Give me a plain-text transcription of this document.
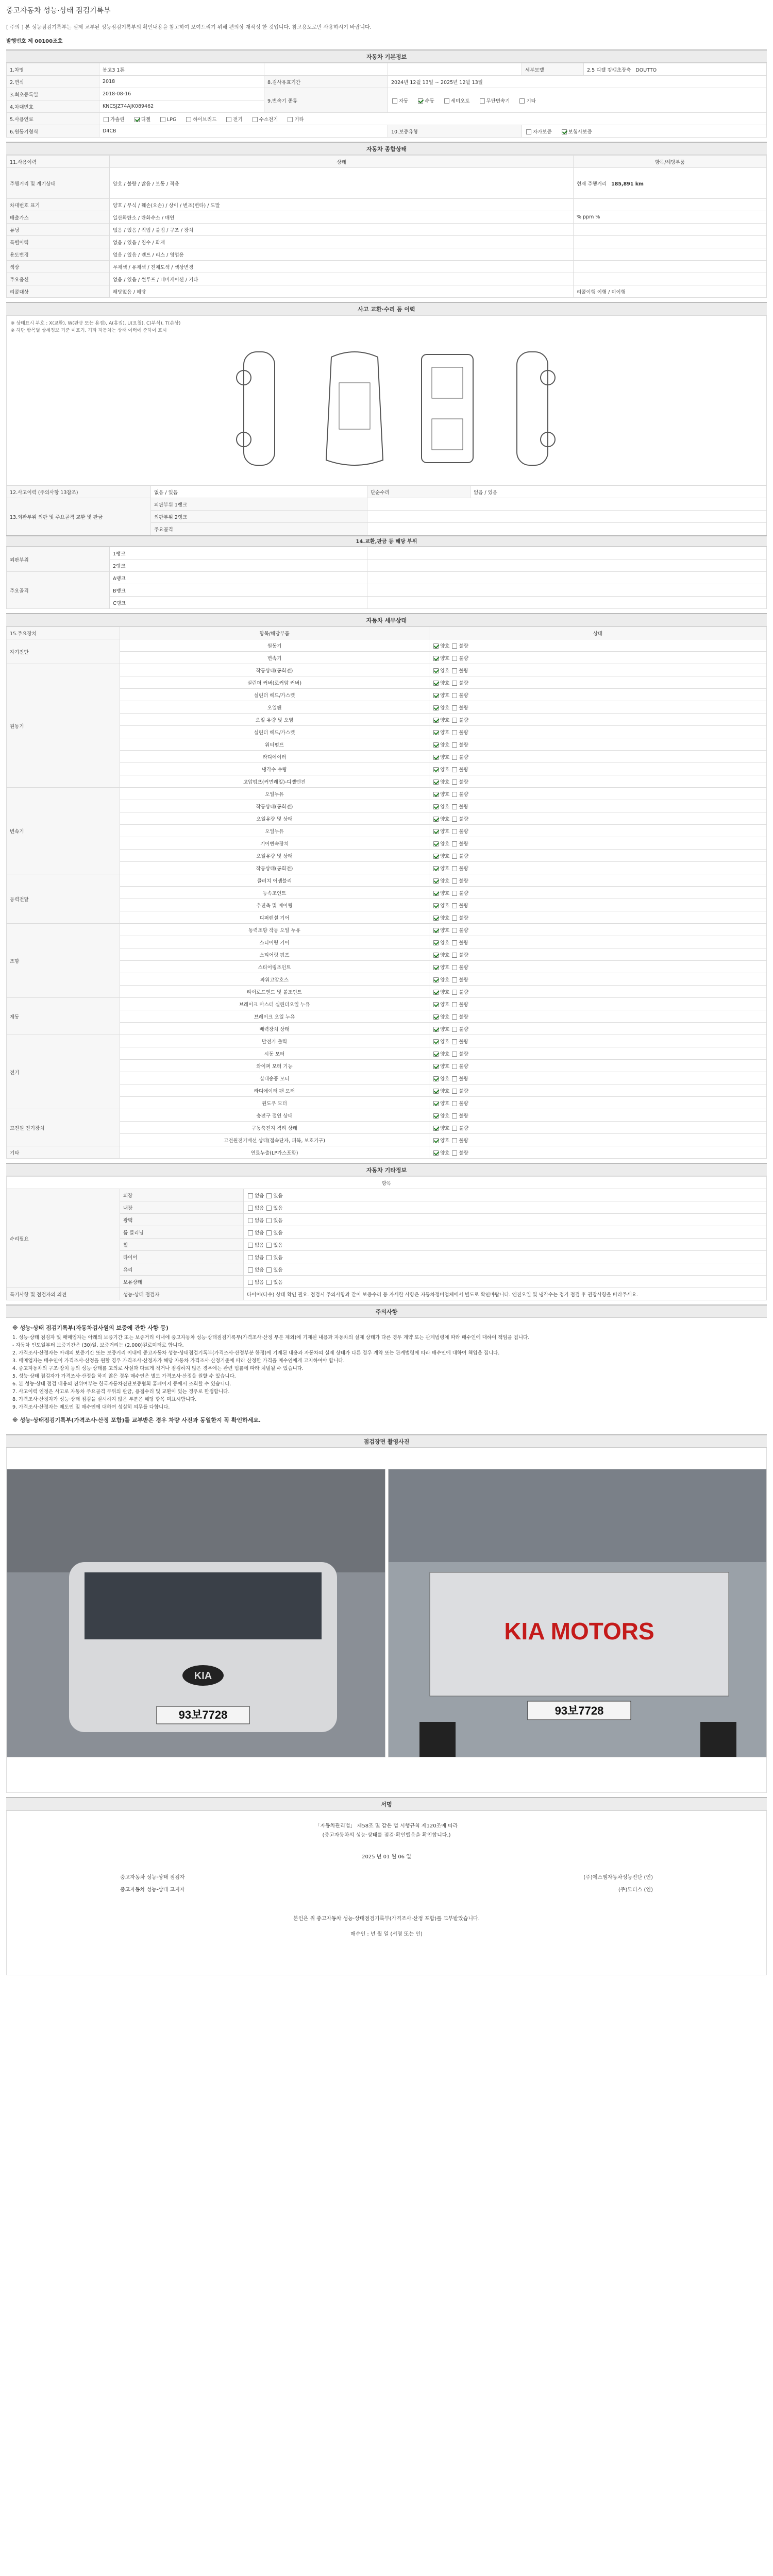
중고자동차 성능·상태 점검기록부
[ 주의 ] 본 성능점검기록부는 실제 교부된 성능점검기록부의 확인내용을 참고하여 보여드리기 위해 편의상 재작성 한 것입니다. 참고용도로만 사용하시기 바랍니다.
발행번호 제 00100조호
자동차 기본정보
1.차명	봉고3 1톤			세부모델	2.5 디젤 킹캡초장축 DOUTTO
2.연식	2018	8.검사유효기간	2024년 12월 13일 ~ 2025년 12월 13일		
3.최초등록일	2018-08-16	9.변속기 종류	자동 수동 세미오토 무단변속기 기타		
4.차대번호	KNCSJZ74AJK089462				
5.사용연료	가솔린 디젤 LPG 하이브리드 전기 수소전기 기타				
6.원동기형식	D4CB		10.보증유형	자가보증 보험사보증	
자동차 종합상태
11.사용이력	상태	항목/해당부품
주행거리 및 계기상태	양호 / 불량 / 많음 / 보통 / 적음	현재 주행거리 185,891 km
차대번호 표기	양호 / 부식 / 훼손(오손) / 상이 / 변조(변타) / 도말	
배출가스	일산화탄소 / 탄화수소 / 매연	% ppm %
튜닝	없음 / 있음 / 적법 / 불법 / 구조 / 장치	
특별이력	없음 / 있음 / 침수 / 화재	
용도변경	없음 / 있음 / 렌트 / 리스 / 영업용	
색상	무채색 / 유채색 / 전체도색 / 색상변경	
주요옵션	없음 / 있음 / 썬루프 / 네비게이션 / 기타	
리콜대상	해당없음 / 해당	리콜이행 이행 / 미이행
사고 교환·수리 등 이력
※ 상태표시 부호 : X(교환), W(판금 또는 용접), A(흠집), U(요철), C(부식), T(손상)
※ 하단 항목별 상세정보 기준 미표기. 기타 자동차는 상태 이력에 준하여 표시
12.사고이력 (주의사항 13참조)	없음 / 있음	단순수리	없음 / 있음
13.외판부위 외판 및 주요골격 교환 및 판금	외판부위 1랭크		
	외판부위 2랭크		
	주요골격		
14.교환,판금 등 해당 부위
외판부위	1랭크	
	2랭크	
주요골격	A랭크	
	B랭크	
	C랭크	
자동차 세부상태
15.주요장치	항목/해당부품	상태
자기진단	원동기	양호 불량
	변속기	양호 불량
원동기	작동상태(공회전)	양호 불량
	실린더 커버(로커암 커버)	양호 불량
	실린더 헤드/가스켓	양호 불량
	오일팬	양호 불량
	오일 유량 및 오염	양호 불량
	실린더 헤드/가스켓	양호 불량
	워터펌프	양호 불량
	라디에이터	양호 불량
	냉각수 수량	양호 불량
	고압펌프(커먼레일)-디젤엔진	양호 불량
변속기	오일누유	양호 불량
	작동상태(공회전)	양호 불량
	오일유량 및 상태	양호 불량
	오일누유	양호 불량
	기어변속장치	양호 불량
	오일유량 및 상태	양호 불량
	작동상태(공회전)	양호 불량
동력전달	클러치 어셈블리	양호 불량
	등속조인트	양호 불량
	추진축 및 베어링	양호 불량
	디퍼렌셜 기어	양호 불량
조향	동력조향 작동 오일 누유	양호 불량
	스티어링 기어	양호 불량
	스티어링 펌프	양호 불량
	스티어링조인트	양호 불량
	파워고압호스	양호 불량
	타이로드엔드 및 볼조인트	양호 불량
제동	브레이크 마스터 실린더오일 누유	양호 불량
	브레이크 오일 누유	양호 불량
	배력장치 상태	양호 불량
전기	발전기 출력	양호 불량
	시동 모터	양호 불량
	와이퍼 모터 기능	양호 불량
	실내송풍 모터	양호 불량
	라디에이터 팬 모터	양호 불량
	윈도우 모터	양호 불량
고전원 전기장치	충전구 절연 상태	양호 불량
	구동축전지 격리 상태	양호 불량
	고전원전기배선 상태(접속단자, 피복, 보호기구)	양호 불량
기타	연료누출(LP가스포함)	양호 불량
자동차 기타정보
항목		
수리필요	외장	없음 있음
	내장	없음 있음
	광택	없음 있음
	룸 클리닝	없음 있음
	휠	없음 있음
	타이어	없음 있음
	유리	없음 있음
	보유상태	없음 있음
특기사항 및 점검자의 의견	성능·상태 점검자	타이어(다수) 상태 확인 필요. 점검시 주의사항과 같이 보증수리 등 자세한 사항은 자동차정비업체에서 별도로 확인바랍니다. 엔진오일 및 냉각수는 정기 점검 후 권장사항을 따라주세요.
주의사항
※ 성능·상태 점검기록부(자동차검사원의 보증에 관한 사항 등)
1. 성능·상태 점검자 및 매매업자는 아래의 보증기간 또는 보증거리 이내에 중고자동차 성능·상태점검기록부(가격조사·산정 부분 제외)에 기재된 내용과 자동차의 실제 상태가 다른 경우 계약 또는 관계법령에 따라 매수인에 대하여 책임을 집니다.
- 자동차 인도일부터 보증기간은 (30)일, 보증거리는 (2,000)킬로미터로 합니다.
2. 가격조사·산정자는 아래의 보증기간 또는 보증거리 이내에 중고자동차 성능·상태점검기록부(가격조사·산정부분 한정)에 기재된 내용과 자동차의 실제 상태가 다른 경우 계약 또는 관계법령에 따라 매수인에 대하여 책임을 집니다.
3. 매매업자는 매수인이 가격조사·산정을 원할 경우 가격조사·산정자가 해당 자동차 가격조사·산정기준에 따라 산정한 가격을 매수인에게 고지하여야 합니다.
4. 중고자동차의 구조·장치 등의 성능·상태를 고의로 사실과 다르게 적거나 점검하지 않은 경우에는 관련 법률에 따라 처벌될 수 있습니다.
5. 성능·상태 점검자가 가격조사·산정을 하지 않은 경우 매수인은 별도 가격조사·산정을 원할 수 있습니다.
6. 본 성능·상태 점검 내용의 진위여부는 한국자동차진단보증협회 홈페이지 등에서 조회할 수 있습니다.
7. 사고이력 인정은 사고로 자동차 주요골격 부위의 판금, 용접수리 및 교환이 있는 경우로 한정합니다.
8. 가격조사·산정자가 성능·상태 점검을 실시하지 않은 부분은 해당 항목 미표시합니다.
9. 가격조사·산정자는 매도인 및 매수인에 대하여 성실히 의무를 다합니다.
※ 성능·상태점검기록부(가격조사·산정 포함)를 교부받은 경우 차량 사진과 동일한지 꼭 확인하세요.
점검장면 촬영사진
KIA
93보7728
KIA MOTORS
93보7728
서명
「자동차관리법」 제58조 및 같은 법 시행규칙 제120조에 따라
(중고자동차의 성능·상태를 점검·확인했음을 확인합니다.)
2025 년 01 월 06 일
중고자동차 성능·상태 점검자	(주)에스엠자동차성능진단 (인)
중고자동차 성능·상태 고지자	(주)모터스 (인)
본인은 위 중고자동차 성능·상태점검기록부(가격조사·산정 포함)를 교부받았습니다.
매수인 : 년 월 일 (서명 또는 인)
